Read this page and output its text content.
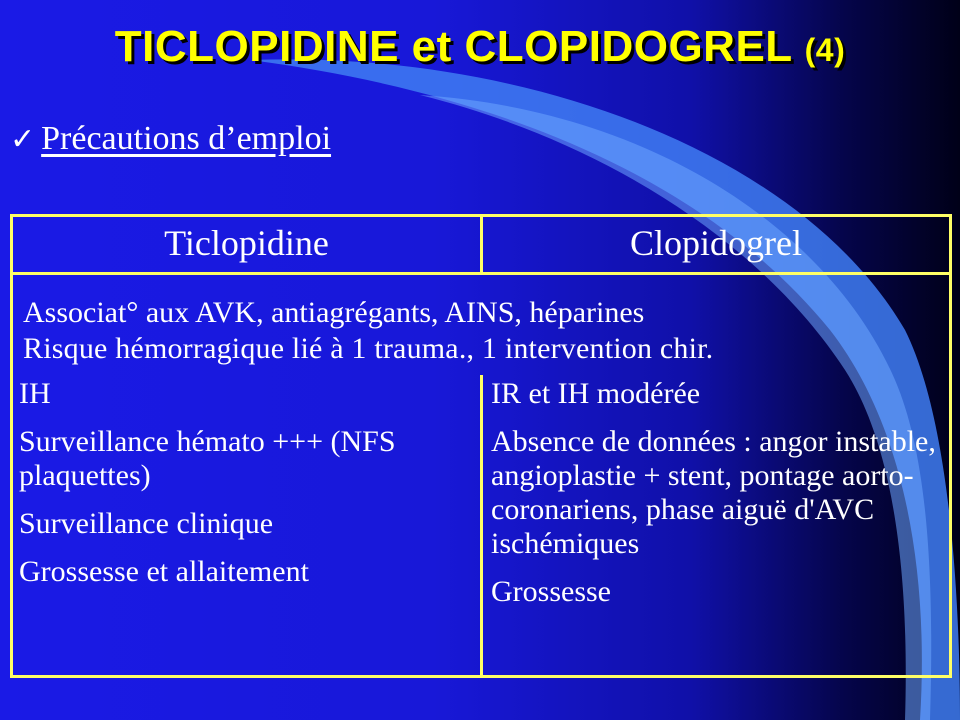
TICLOPIDINE et CLOPIDOGREL (4)
✓ Précautions d’emploi
Ticlopidine	Clopidogrel
Associat° aux AVK, antiagrégants, AINS, héparines
Risque hémorragique lié à 1 trauma., 1 intervention chir.
IH
Surveillance hémato +++ (NFS plaquettes)
Surveillance clinique
Grossesse et allaitement
IR et IH modérée
Absence de données : angor instable, angioplastie + stent, pontage aorto-coronariens, phase aiguë d'AVC ischémiques
Grossesse
